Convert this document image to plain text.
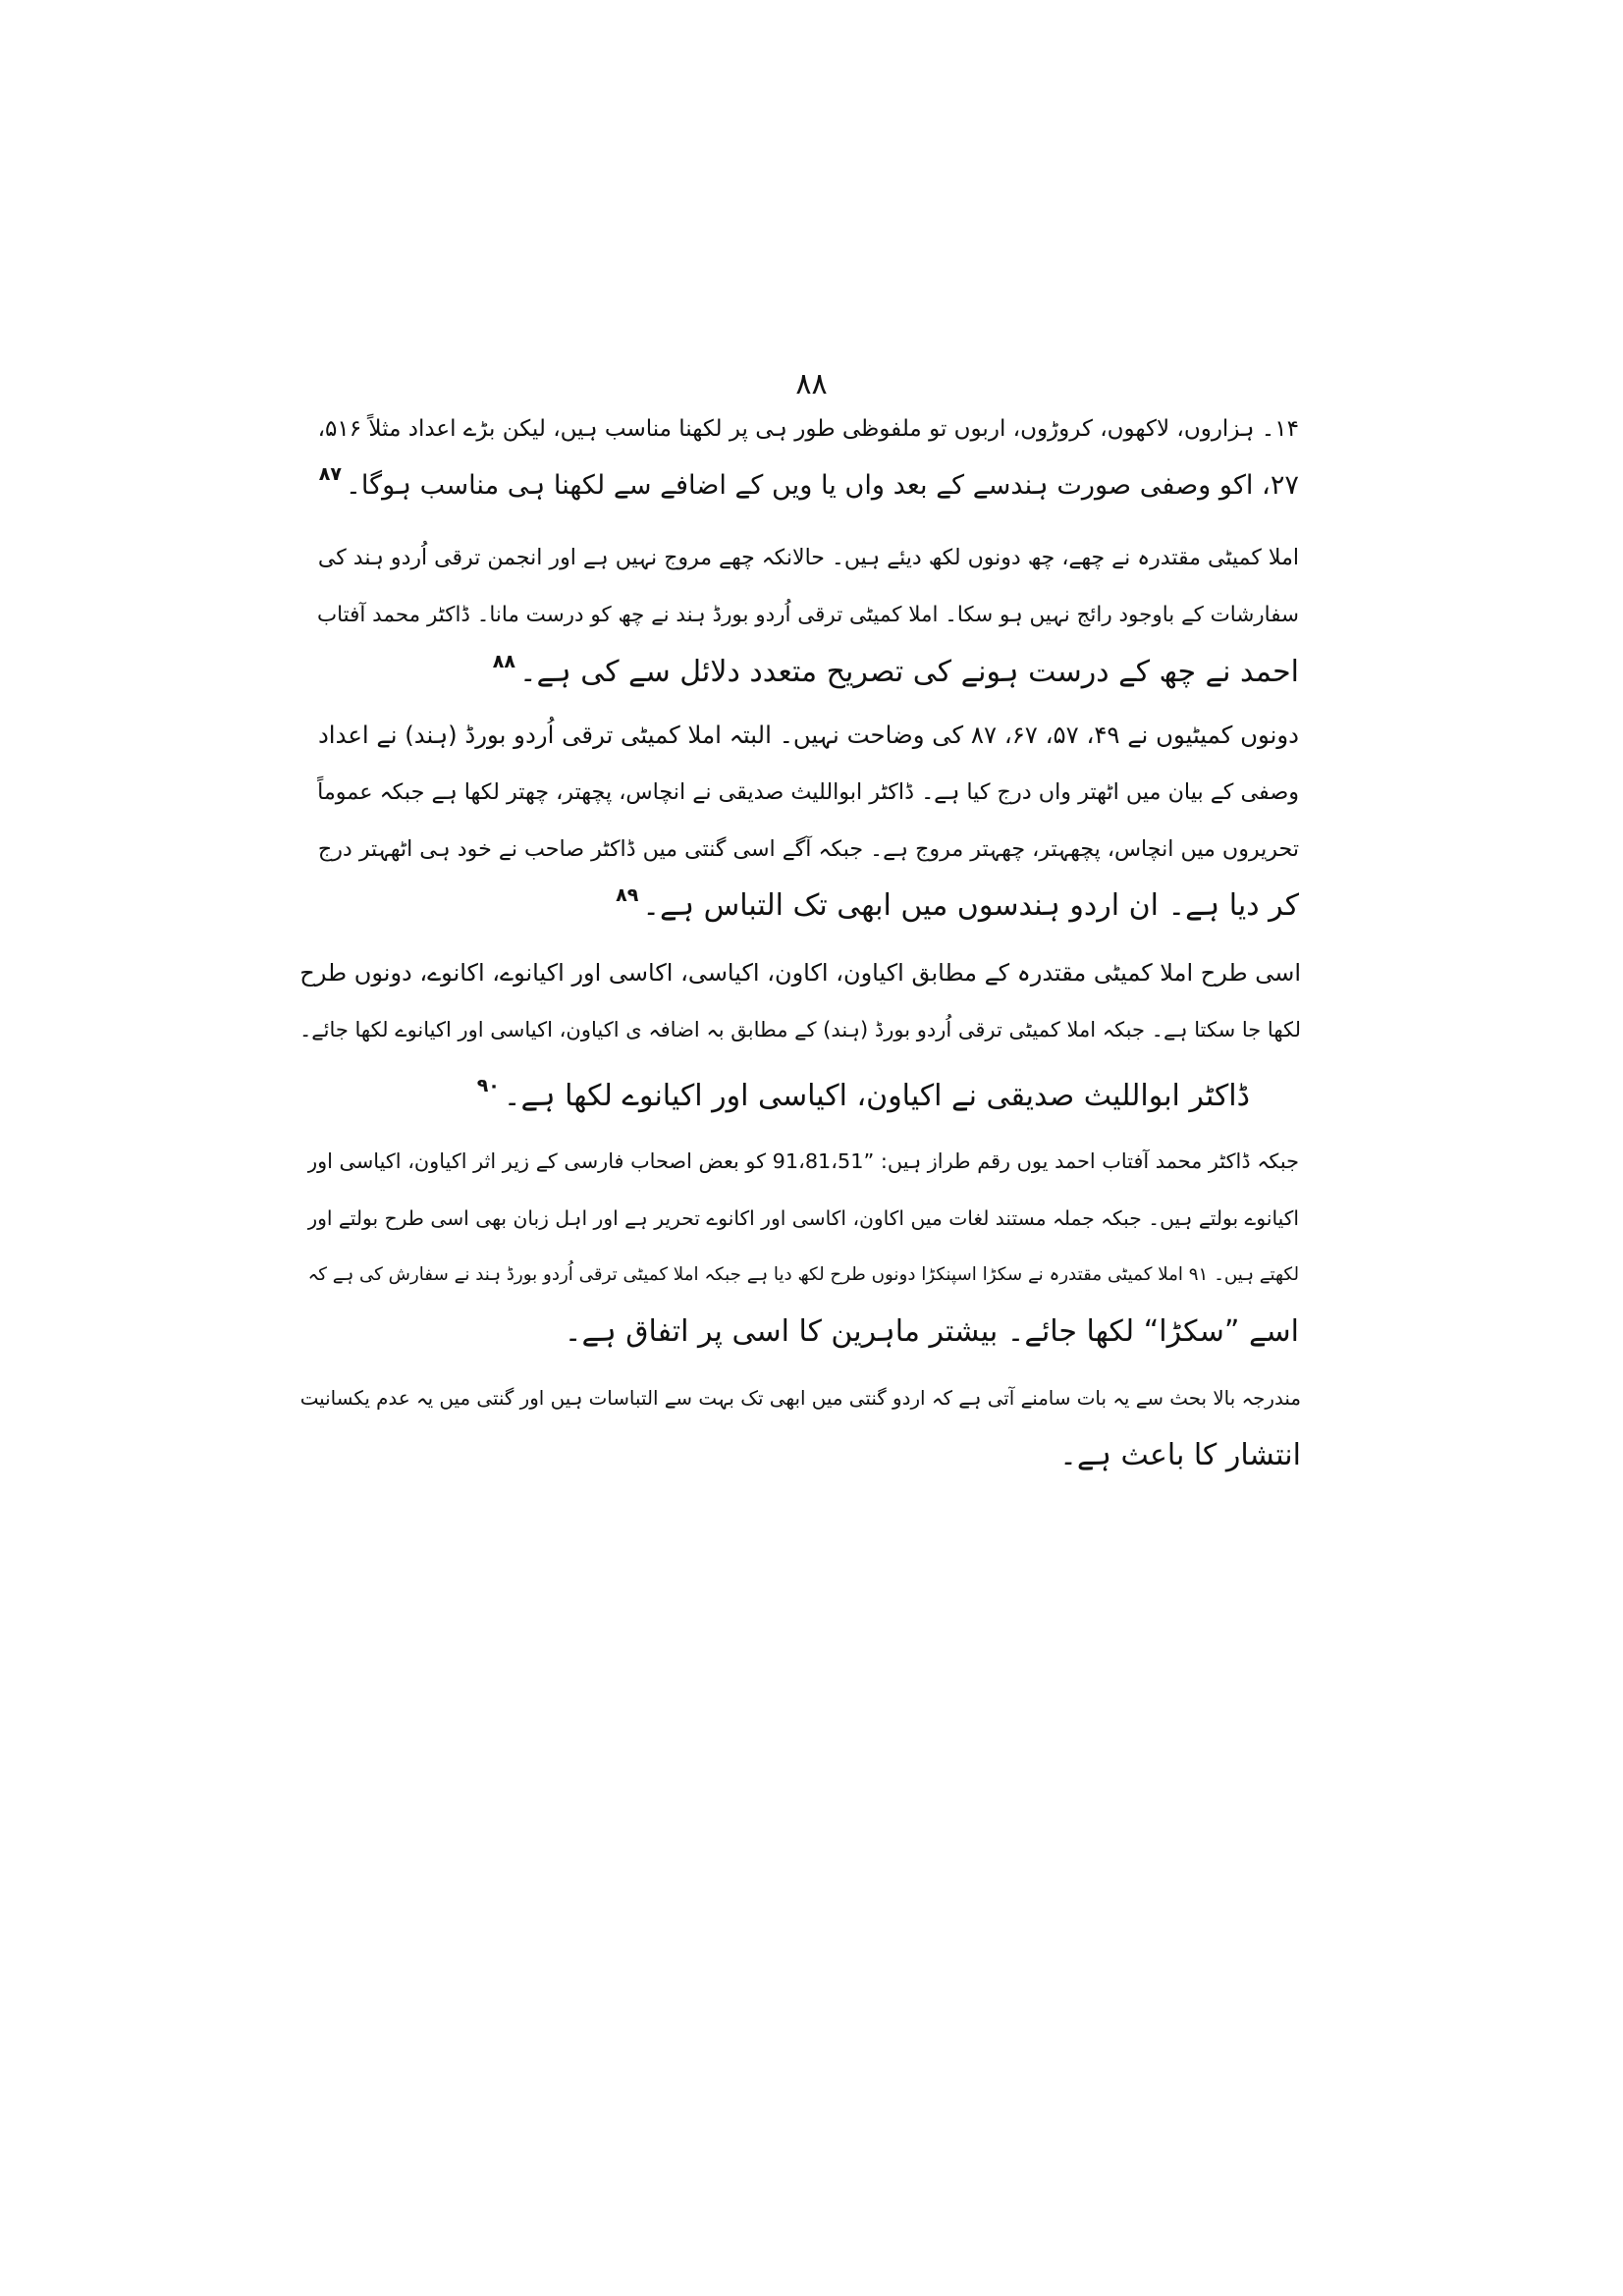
۸۸
۱۴۔ ہزاروں، لاکھوں، کروڑوں، اربوں تو ملفوظی طور ہی پر لکھنا مناسب ہیں، لیکن بڑے اعداد مثلاً ۵۱۶،
۲۷، اکو وصفی صورت ہندسے کے بعد واں یا ویں کے اضافے سے لکھنا ہی مناسب ہوگا۔$^{۸۷}$
املا کمیٹی مقتدرہ نے چھے، چھ دونوں لکھ دیئے ہیں۔ حالانکہ چھے مروج نہیں ہے اور انجمن ترقی اُردو ہند کی
سفارشات کے باوجود رائج نہیں ہو سکا۔ املا کمیٹی ترقی اُردو بورڈ ہند نے چھ کو درست مانا۔ ڈاکٹر محمد آفتاب
احمد نے چھ کے درست ہونے کی تصریح متعدد دلائل سے کی ہے۔$^{۸۸}$
دونوں کمیٹیوں نے ۴۹، ۵۷، ۶۷، ۸۷ کی وضاحت نہیں۔ البتہ املا کمیٹی ترقی اُردو بورڈ (ہند) نے اعداد
وصفی کے بیان میں اٹھتر واں درج کیا ہے۔ ڈاکٹر ابواللیث صدیقی نے انچاس، پچھتر، چھتر لکھا ہے جبکہ عموماً
تحریروں میں انچاس، پچھہتر، چھہتر مروج ہے۔ جبکہ آگے اسی گنتی میں ڈاکٹر صاحب نے خود ہی اٹھہتر درج
کر دیا ہے۔ ان اردو ہندسوں میں ابھی تک التباس ہے۔$^{۸۹}$
اسی طرح املا کمیٹی مقتدرہ کے مطابق اکیاون، اکاون، اکیاسی، اکاسی اور اکیانوے، اکانوے، دونوں طرح
لکھا جا سکتا ہے۔ جبکہ املا کمیٹی ترقی اُردو بورڈ (ہند) کے مطابق بہ اضافہ ی اکیاون، اکیاسی اور اکیانوے لکھا جائے۔
ڈاکٹر ابواللیث صدیقی نے اکیاون، اکیاسی اور اکیانوے لکھا ہے۔$^{۹۰}$
جبکہ ڈاکٹر محمد آفتاب احمد یوں رقم طراز ہیں: ”91،81،51 کو بعض اصحاب فارسی کے زیر اثر اکیاون، اکیاسی اور
اکیانوے بولتے ہیں۔ جبکہ جملہ مستند لغات میں اکاون، اکاسی اور اکانوے تحریر ہے اور اہل زبان بھی اسی طرح بولتے اور
لکھتے ہیں۔ ۹۱ املا کمیٹی مقتدرہ نے سکڑا اسپنکڑا دونوں طرح لکھ دیا ہے جبکہ املا کمیٹی ترقی اُردو بورڈ ہند نے سفارش کی ہے کہ
اسے ”سکڑا“ لکھا جائے۔ بیشتر ماہرین کا اسی پر اتفاق ہے۔
مندرجہ بالا بحث سے یہ بات سامنے آتی ہے کہ اردو گنتی میں ابھی تک بہت سے التباسات ہیں اور گنتی میں یہ عدم یکسانیت
انتشار کا باعث ہے۔
